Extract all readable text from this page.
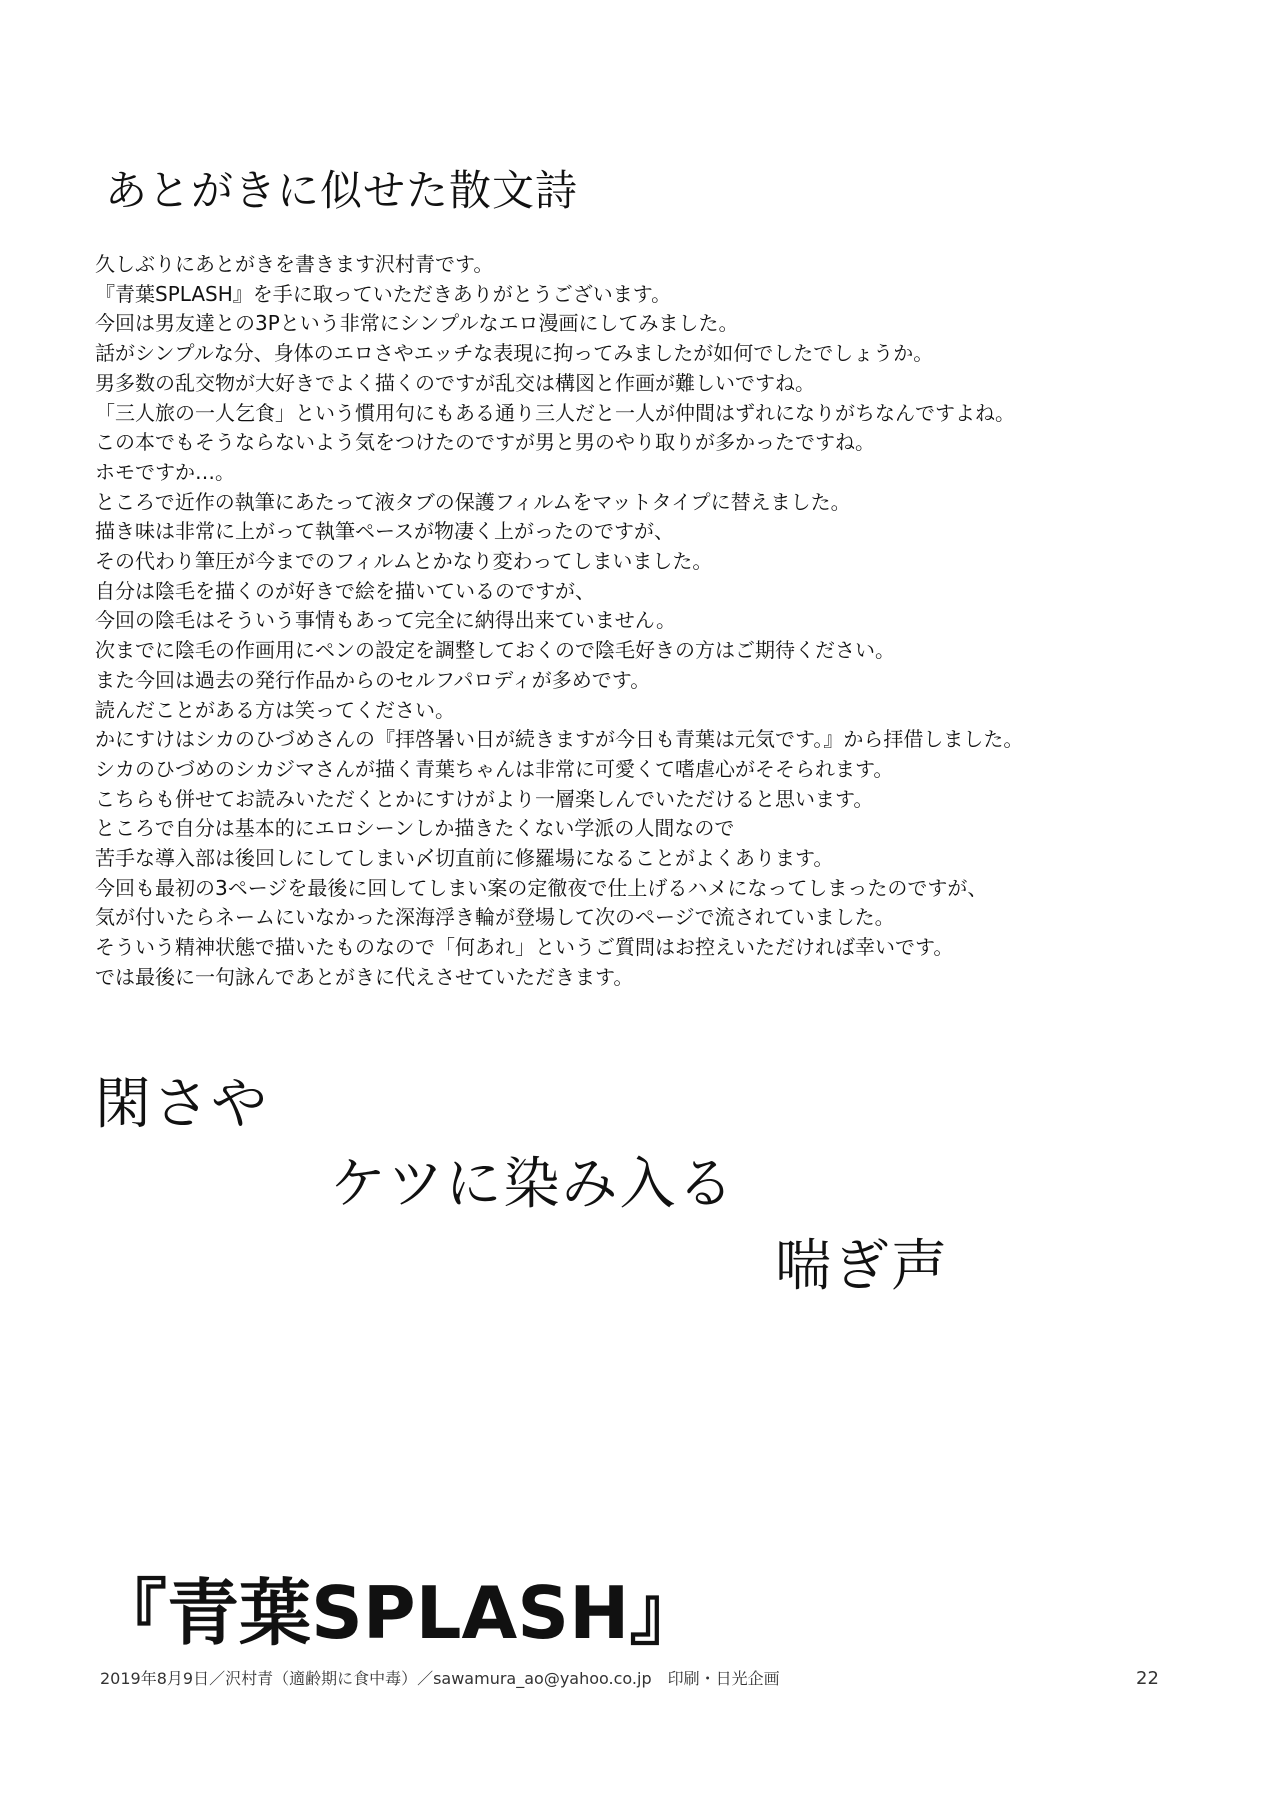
あとがきに似せた散文詩
久しぶりにあとがきを書きます沢村青です。
『青葉SPLASH』を手に取っていただきありがとうございます。
今回は男友達との3Pという非常にシンプルなエロ漫画にしてみました。
話がシンプルな分、身体のエロさやエッチな表現に拘ってみましたが如何でしたでしょうか。
男多数の乱交物が大好きでよく描くのですが乱交は構図と作画が難しいですね。
「三人旅の一人乞食」という慣用句にもある通り三人だと一人が仲間はずれになりがちなんですよね。
この本でもそうならないよう気をつけたのですが男と男のやり取りが多かったですね。
ホモですか…。
ところで近作の執筆にあたって液タブの保護フィルムをマットタイプに替えました。
描き味は非常に上がって執筆ペースが物凄く上がったのですが、
その代わり筆圧が今までのフィルムとかなり変わってしまいました。
自分は陰毛を描くのが好きで絵を描いているのですが、
今回の陰毛はそういう事情もあって完全に納得出来ていません。
次までに陰毛の作画用にペンの設定を調整しておくので陰毛好きの方はご期待ください。
また今回は過去の発行作品からのセルフパロディが多めです。
読んだことがある方は笑ってください。
かにすけはシカのひづめさんの『拝啓暑い日が続きますが今日も青葉は元気です。』から拝借しました。
シカのひづめのシカジマさんが描く青葉ちゃんは非常に可愛くて嗜虐心がそそられます。
こちらも併せてお読みいただくとかにすけがより一層楽しんでいただけると思います。
ところで自分は基本的にエロシーンしか描きたくない学派の人間なので
苦手な導入部は後回しにしてしまい〆切直前に修羅場になることがよくあります。
今回も最初の3ページを最後に回してしまい案の定徹夜で仕上げるハメになってしまったのですが、
気が付いたらネームにいなかった深海浮き輪が登場して次のページで流されていました。
そういう精神状態で描いたものなので「何あれ」というご質問はお控えいただければ幸いです。
では最後に一句詠んであとがきに代えさせていただきます。
閑さや
ケツに染み入る
喘ぎ声
『青葉SPLASH』
2019年8月9日／沢村青（適齢期に食中毒）／sawamura_ao@yahoo.co.jp　印刷・日光企画	22
